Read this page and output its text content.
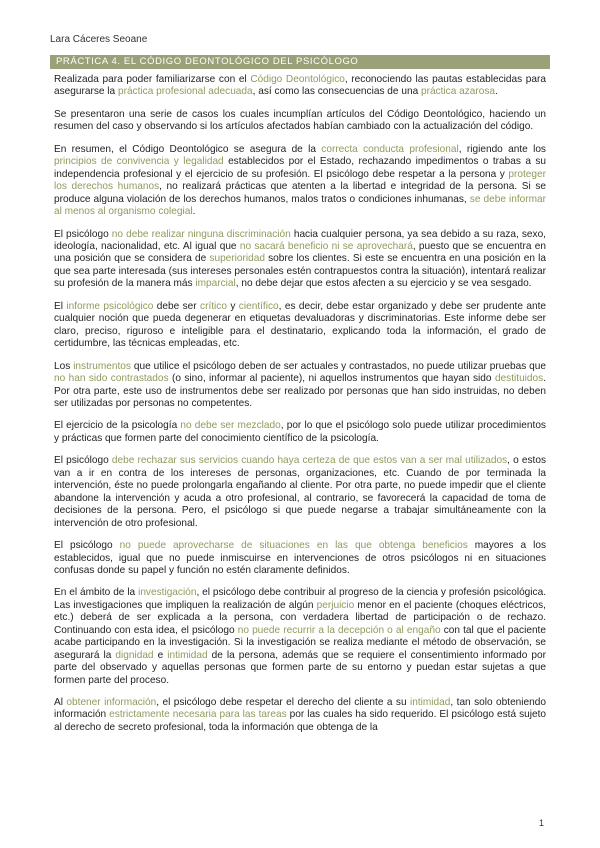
Lara Cáceres Seoane
PRÁCTICA 4. EL CÓDIGO DEONTOLÓGICO DEL PSICÓLOGO

Realizada para poder familiarizarse con el Código Deontológico, reconociendo las pautas establecidas para asegurarse la práctica profesional adecuada, así como las consecuencias de una práctica azarosa.

Se presentaron una serie de casos los cuales incumplían artículos del Código Deontológico, haciendo un resumen del caso y observando si los artículos afectados habían cambiado con la actualización del código.

En resumen, el Código Deontológico se asegura de la correcta conducta profesional, rigiendo ante los principios de convivencia y legalidad establecidos por el Estado, rechazando impedimentos o trabas a su independencia profesional y el ejercicio de su profesión. El psicólogo debe respetar a la persona y proteger los derechos humanos, no realizará prácticas que atenten a la libertad e integridad de la persona. Si se produce alguna violación de los derechos humanos, malos tratos o condiciones inhumanas, se debe informar al menos al organismo colegial.

El psicólogo no debe realizar ninguna discriminación hacia cualquier persona, ya sea debido a su raza, sexo, ideología, nacionalidad, etc. Al igual que no sacará beneficio ni se aprovechará, puesto que se encuentra en una posición que se considera de superioridad sobre los clientes. Si este se encuentra en una posición en la que sea parte interesada (sus intereses personales estén contrapuestos contra la situación), intentará realizar su profesión de la manera más imparcial, no debe dejar que estos afecten a su ejercicio y se vea sesgado.

El informe psicológico debe ser crítico y científico, es decir, debe estar organizado y debe ser prudente ante cualquier noción que pueda degenerar en etiquetas devaluadoras y discriminatorias. Este informe debe ser claro, preciso, riguroso e inteligible para el destinatario, explicando toda la información, el grado de certidumbre, las técnicas empleadas, etc.

Los instrumentos que utilice el psicólogo deben de ser actuales y contrastados, no puede utilizar pruebas que no han sido contrastados (o sino, informar al paciente), ni aquellos instrumentos que hayan sido destituidos. Por otra parte, este uso de instrumentos debe ser realizado por personas que han sido instruidas, no deben ser utilizadas por personas no competentes.

El ejercicio de la psicología no debe ser mezclado, por lo que el psicólogo solo puede utilizar procedimientos y prácticas que formen parte del conocimiento científico de la psicología.

El psicólogo debe rechazar sus servicios cuando haya certeza de que estos van a ser mal utilizados, o estos van a ir en contra de los intereses de personas, organizaciones, etc. Cuando de por terminada la intervención, éste no puede prolongarla engañando al cliente. Por otra parte, no puede impedir que el cliente abandone la intervención y acuda a otro profesional, al contrario, se favorecerá la capacidad de toma de decisiones de la persona. Pero, el psicólogo si que puede negarse a trabajar simultáneamente con la intervención de otro profesional.

El psicólogo no puede aprovecharse de situaciones en las que obtenga beneficios mayores a los establecidos, igual que no puede inmiscuirse en intervenciones de otros psicólogos ni en situaciones confusas donde su papel y función no estén claramente definidos.

En el ámbito de la investigación, el psicólogo debe contribuir al progreso de la ciencia y profesión psicológica. Las investigaciones que impliquen la realización de algún perjuicio menor en el paciente (choques eléctricos, etc.) deberá de ser explicada a la persona, con verdadera libertad de participación o de rechazo. Continuando con esta idea, el psicólogo no puede recurrir a la decepción o al engaño con tal que el paciente acabe participando en la investigación. Si la investigación se realiza mediante el método de observación, se asegurará la dignidad e intimidad de la persona, además que se requiere el consentimiento informado por parte del observado y aquellas personas que formen parte de su entorno y puedan estar sujetas a que formen parte del proceso.

Al obtener información, el psicólogo debe respetar el derecho del cliente a su intimidad, tan solo obteniendo información estrictamente necesaria para las tareas por las cuales ha sido requerido. El psicólogo está sujeto al derecho de secreto profesional, toda la información que obtenga de la

1
